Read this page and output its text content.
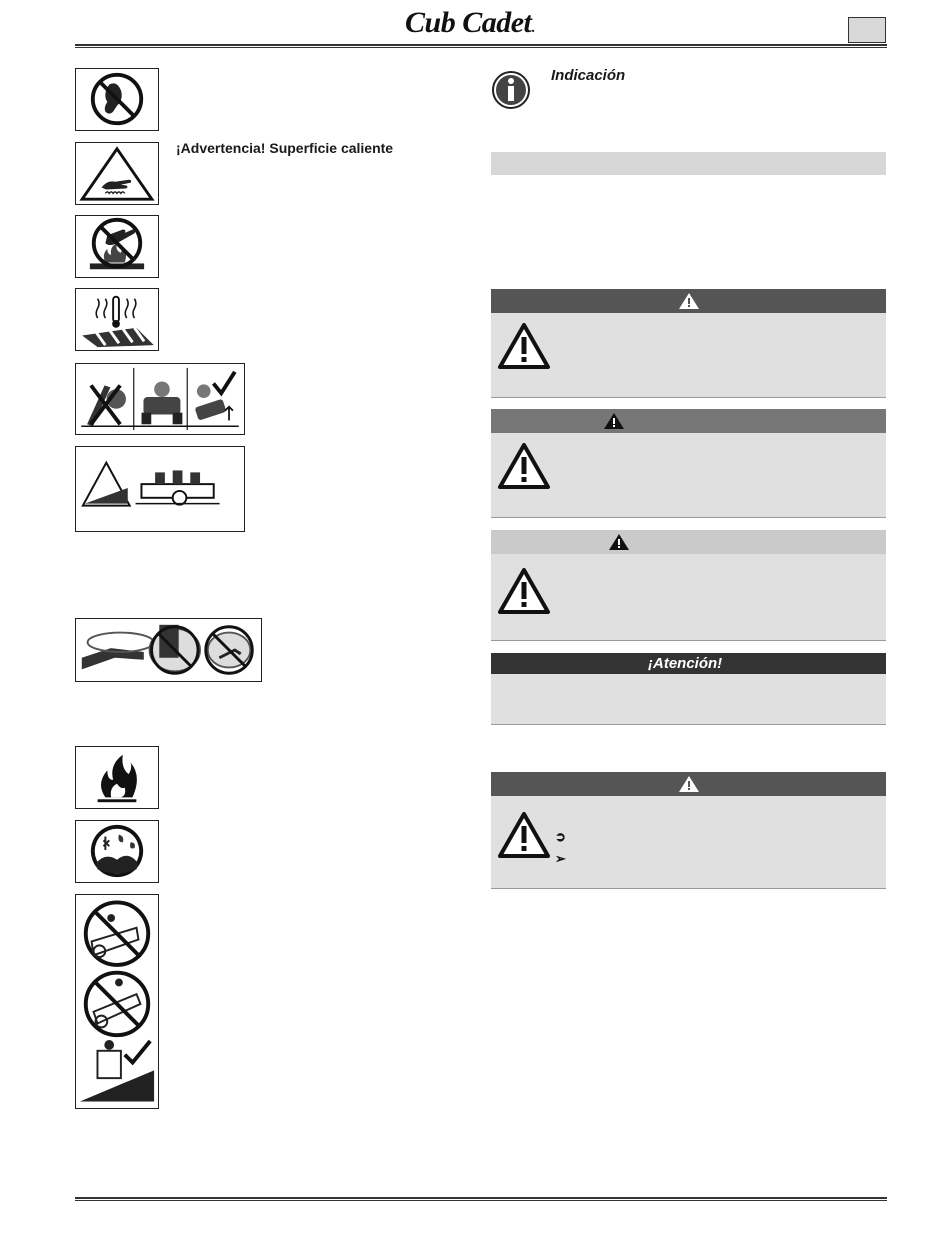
Cub Cadet.
¡Advertencia! Superficie caliente
Indicación
¡Atención!
➲
➢
